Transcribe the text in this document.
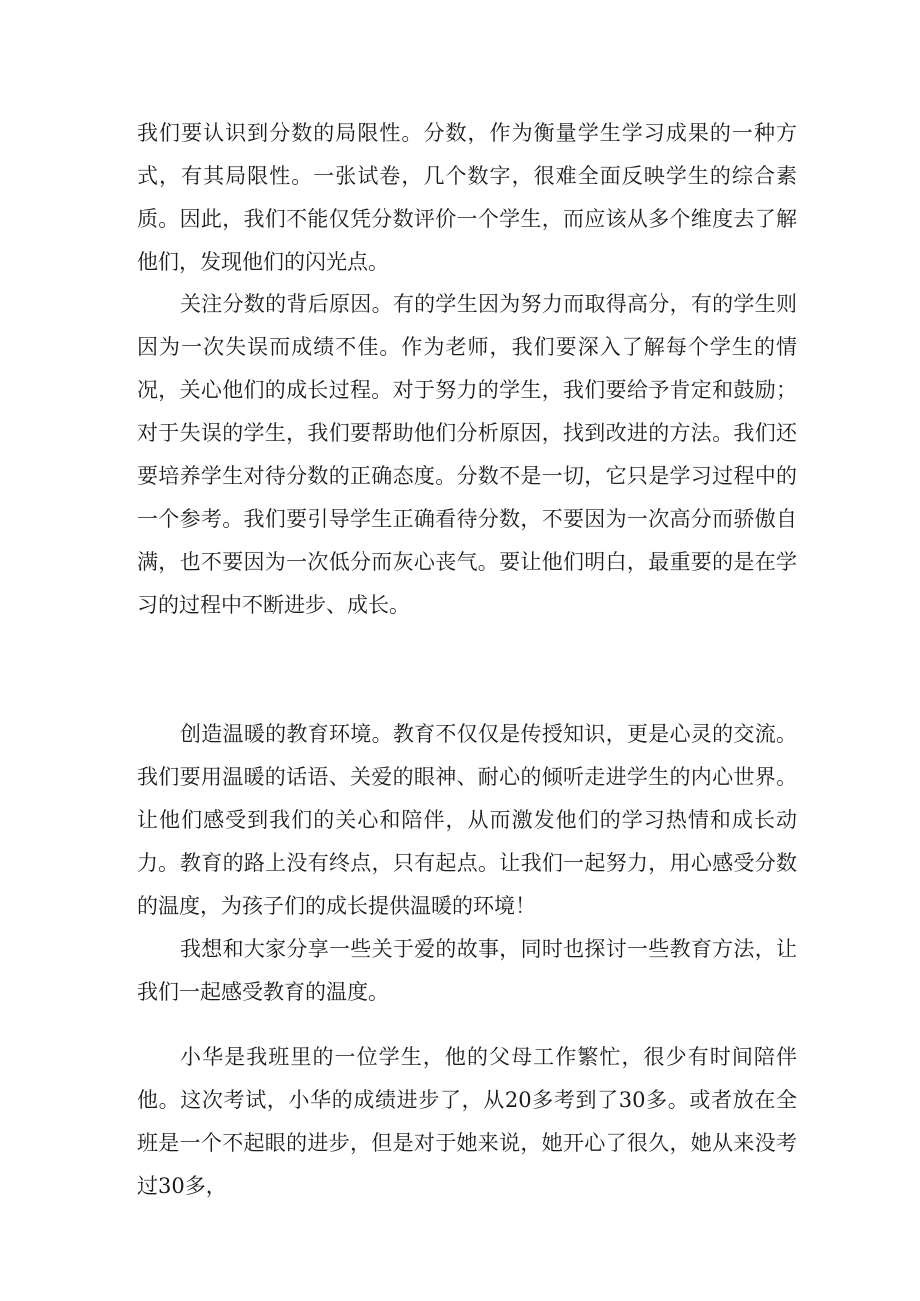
我们要认识到分数的局限性。分数，作为衡量学生学习成果的一种方式，有其局限性。一张试卷，几个数字，很难全面反映学生的综合素质。因此，我们不能仅凭分数评价一个学生，而应该从多个维度去了解他们，发现他们的闪光点。

关注分数的背后原因。有的学生因为努力而取得高分，有的学生则因为一次失误而成绩不佳。作为老师，我们要深入了解每个学生的情况，关心他们的成长过程。对于努力的学生，我们要给予肯定和鼓励；对于失误的学生，我们要帮助他们分析原因，找到改进的方法。我们还要培养学生对待分数的正确态度。分数不是一切，它只是学习过程中的一个参考。我们要引导学生正确看待分数，不要因为一次高分而骄傲自满，也不要因为一次低分而灰心丧气。要让他们明白，最重要的是在学习的过程中不断进步、成长。

创造温暖的教育环境。教育不仅仅是传授知识，更是心灵的交流。我们要用温暖的话语、关爱的眼神、耐心的倾听走进学生的内心世界。让他们感受到我们的关心和陪伴，从而激发他们的学习热情和成长动力。 教育的路上没有终点，只有起点。让我们一起努力，用心感受分数的温度，为孩子们的成长提供温暖的环境！

我想和大家分享一些关于爱的故事，同时也探讨一些教育方法，让我们一起感受教育的温度。

小华是我班里的一位学生，他的父母工作繁忙，很少有时间陪伴他。这次考试，小华的成绩进步了，从20多考到了30多。或者放在全班是一个不起眼的进步，但是对于她来说，她开心了很久，她从来没考过30多，
